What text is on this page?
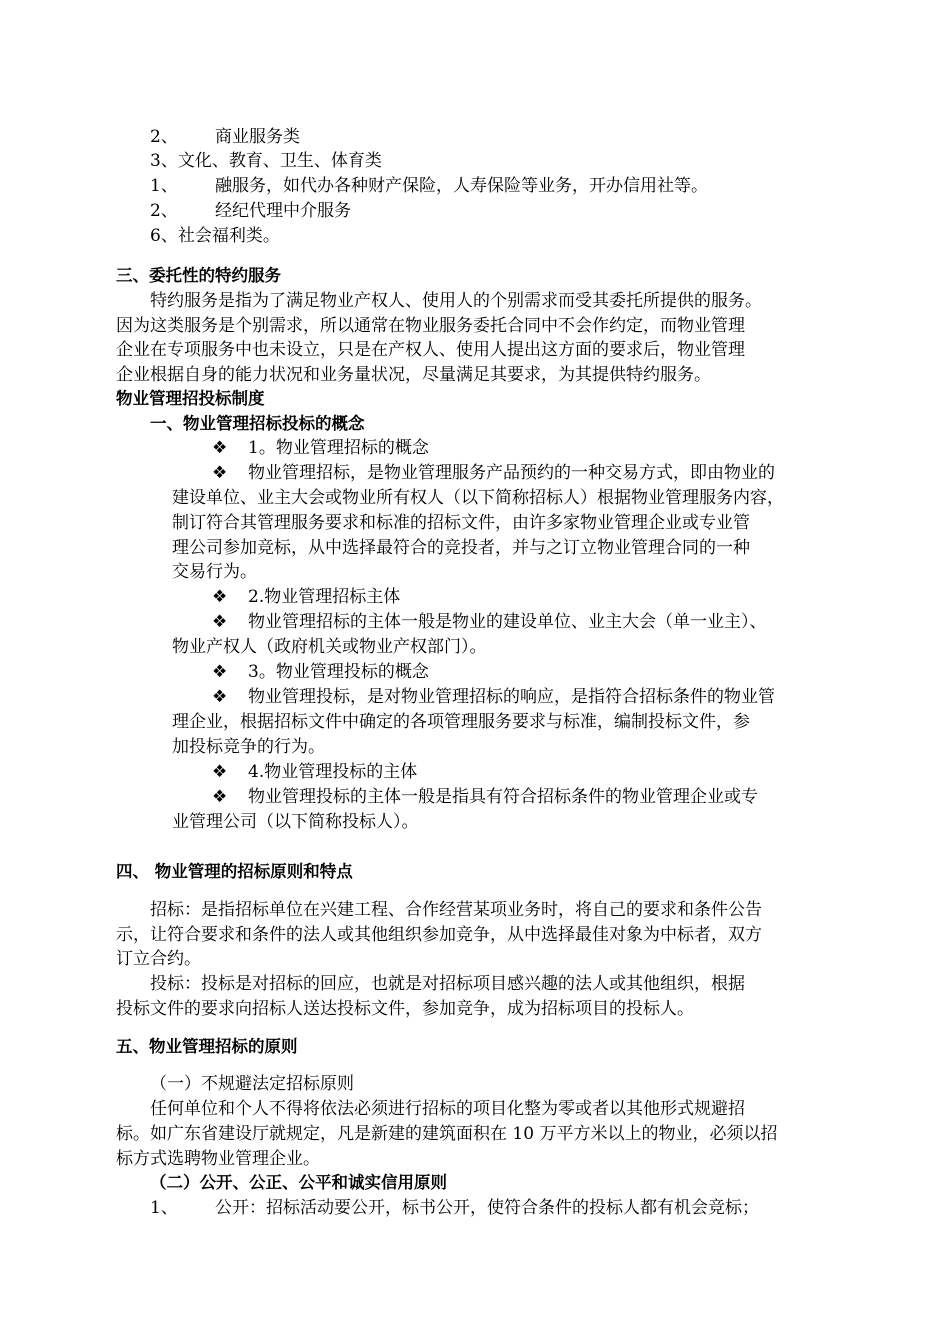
2、 商业服务类
3、文化、教育、卫生、体育类
1、 融服务，如代办各种财产保险，人寿保险等业务，开办信用社等。
2、 经纪代理中介服务
6、社会福利类。
三、委托性的特约服务
特约服务是指为了满足物业产权人、使用人的个别需求而受其委托所提供的服务。
因为这类服务是个别需求，所以通常在物业服务委托合同中不会作约定，而物业管理
企业在专项服务中也未设立，只是在产权人、使用人提出这方面的要求后，物业管理
企业根据自身的能力状况和业务量状况，尽量满足其要求，为其提供特约服务。
物业管理招投标制度
一、物业管理招标投标的概念
❖ 1。物业管理招标的概念
❖ 物业管理招标，是物业管理服务产品预约的一种交易方式，即由物业的
建设单位、业主大会或物业所有权人（以下简称招标人）根据物业管理服务内容，
制订符合其管理服务要求和标准的招标文件，由许多家物业管理企业或专业管
理公司参加竞标，从中选择最符合的竞投者，并与之订立物业管理合同的一种
交易行为。
❖ 2.物业管理招标主体
❖ 物业管理招标的主体一般是物业的建设单位、业主大会（单一业主）、
物业产权人（政府机关或物业产权部门）。
❖ 3。物业管理投标的概念
❖ 物业管理投标，是对物业管理招标的响应，是指符合招标条件的物业管
理企业，根据招标文件中确定的各项管理服务要求与标准，编制投标文件，参
加投标竞争的行为。
❖ 4.物业管理投标的主体
❖ 物业管理投标的主体一般是指具有符合招标条件的物业管理企业或专
业管理公司（以下简称投标人）。
四、 物业管理的招标原则和特点
招标：是指招标单位在兴建工程、合作经营某项业务时，将自己的要求和条件公告
示，让符合要求和条件的法人或其他组织参加竞争，从中选择最佳对象为中标者，双方
订立合约。
投标：投标是对招标的回应，也就是对招标项目感兴趣的法人或其他组织，根据
投标文件的要求向招标人送达投标文件，参加竞争，成为招标项目的投标人。
五、物业管理招标的原则
（一）不规避法定招标原则
任何单位和个人不得将依法必须进行招标的项目化整为零或者以其他形式规避招
标。如广东省建设厅就规定，凡是新建的建筑面积在 10 万平方米以上的物业，必须以招
标方式选聘物业管理企业。
（二）公开、公正、公平和诚实信用原则
1、 公开：招标活动要公开，标书公开，使符合条件的投标人都有机会竞标；
